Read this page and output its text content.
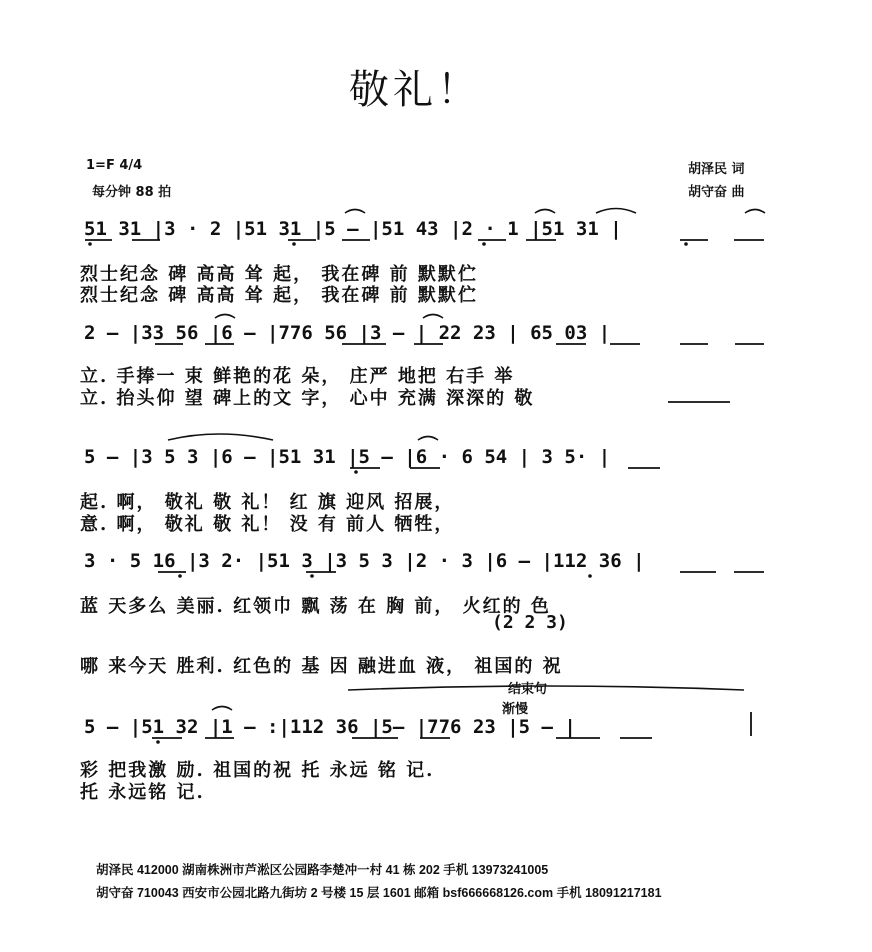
敬礼！
1=F 4/4
每分钟 88 拍
胡泽民 词
胡守奋 曲
51 31 |3 · 2 |51 31 |5 — |51 43 |2 · 1 |51 31 |
烈士纪念 碑 高高 耸 起， 我在碑 前 默默伫
烈士纪念 碑 高高 耸 起， 我在碑 前 默默伫
2 — |33 56 |6 — |776 56 |3 — | 22 23 | 65 03 |
立. 手捧一 束 鲜艳的花 朵， 庄严 地把 右手 举
立. 抬头仰 望 碑上的文 字， 心中 充满 深深的 敬
5 — |3 5 3 |6 — |51 31 |5 — |6 · 6 54 | 3 5· |
起. 啊， 敬礼 敬 礼！ 红 旗 迎风 招展，
意. 啊， 敬礼 敬 礼！ 没 有 前人 牺牲，
3 · 5 16 |3 2· |51 3 |3 5 3 |2 · 3 |6 — |112 36 |
蓝 天多么 美丽. 红领巾 飘 荡 在 胸 前， 火红的 色
(2 2 3)
哪 来今天 胜利. 红色的 基 因 融进血 液， 祖国的 祝
结束句
渐慢
5 — |51 32 |1 — :|112 36 |5— |776 23 |5 — |
彩 把我激 励. 祖国的祝 托 永远 铭 记.
托 永远铭 记.
胡泽民 412000 湖南株洲市芦淞区公园路李楚冲一村 41 栋 202 手机 13973241005
胡守奋 710043 西安市公园北路九街坊 2 号楼 15 层 1601 邮箱 bsf666668126.com 手机 18091217181
